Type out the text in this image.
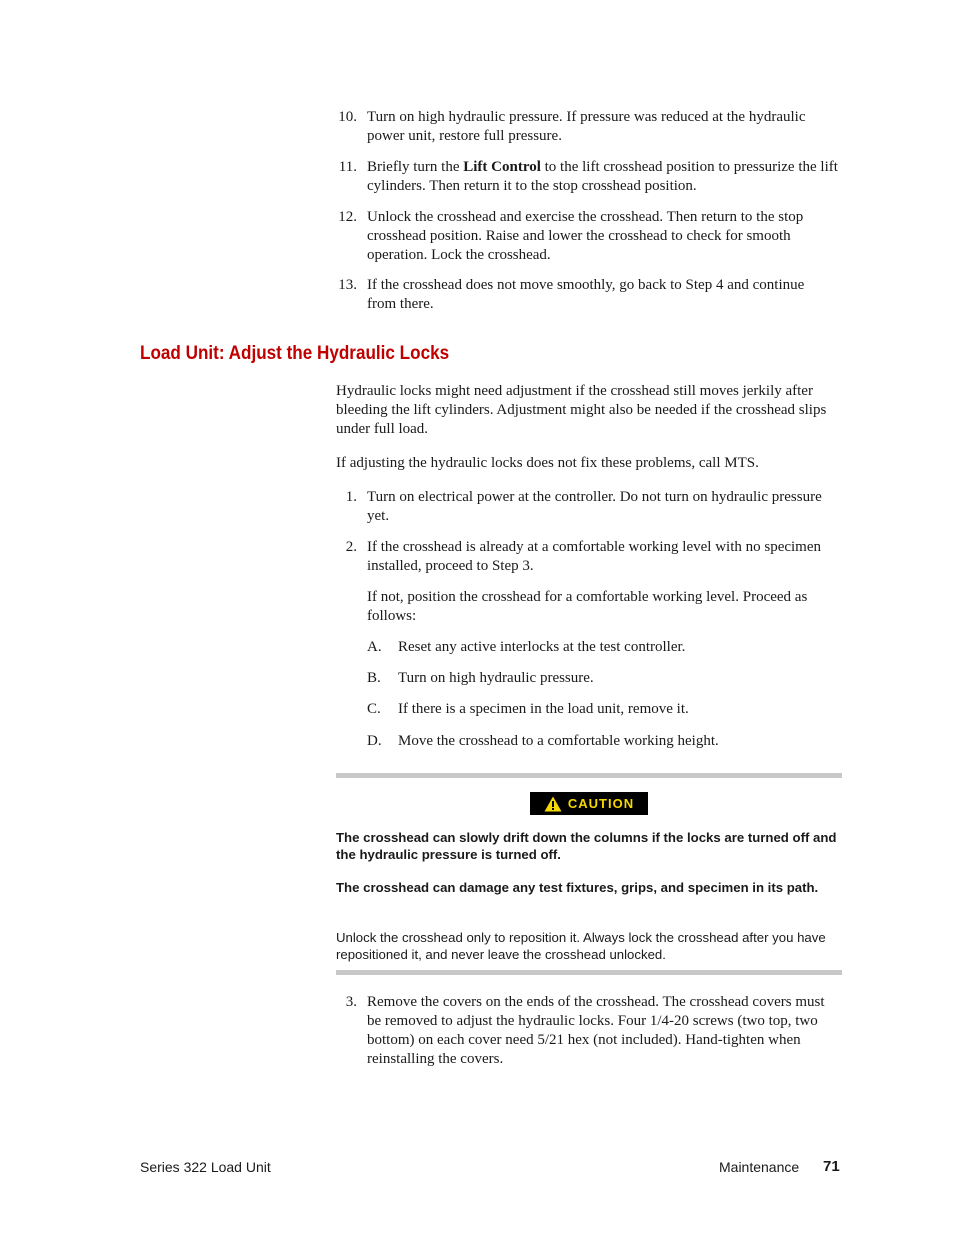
10. Turn on high hydraulic pressure. If pressure was reduced at the hydraulic power unit, restore full pressure.
11. Briefly turn the Lift Control to the lift crosshead position to pressurize the lift cylinders. Then return it to the stop crosshead position.
12. Unlock the crosshead and exercise the crosshead. Then return to the stop crosshead position. Raise and lower the crosshead to check for smooth operation. Lock the crosshead.
13. If the crosshead does not move smoothly, go back to Step 4 and continue from there.
Load Unit: Adjust the Hydraulic Locks
Hydraulic locks might need adjustment if the crosshead still moves jerkily after bleeding the lift cylinders. Adjustment might also be needed if the crosshead slips under full load.
If adjusting the hydraulic locks does not fix these problems, call MTS.
1. Turn on electrical power at the controller. Do not turn on hydraulic pressure yet.
2. If the crosshead is already at a comfortable working level with no specimen installed, proceed to Step 3.
If not, position the crosshead for a comfortable working level. Proceed as follows:
A. Reset any active interlocks at the test controller.
B. Turn on high hydraulic pressure.
C. If there is a specimen in the load unit, remove it.
D. Move the crosshead to a comfortable working height.
CAUTION
The crosshead can slowly drift down the columns if the locks are turned off and the hydraulic pressure is turned off.
The crosshead can damage any test fixtures, grips, and specimen in its path.
Unlock the crosshead only to reposition it. Always lock the crosshead after you have repositioned it, and never leave the crosshead unlocked.
3. Remove the covers on the ends of the crosshead. The crosshead covers must be removed to adjust the hydraulic locks. Four 1/4-20 screws (two top, two bottom) on each cover need 5/21 hex (not included). Hand-tighten when reinstalling the covers.
Series 322 Load Unit	Maintenance 71
